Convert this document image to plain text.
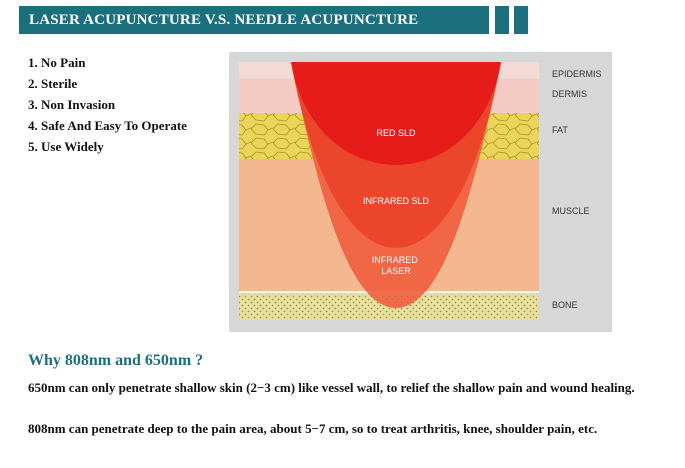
LASER ACUPUNCTURE V.S. NEEDLE ACUPUNCTURE
1. No Pain
2. Sterile
3. Non Invasion
4. Safe And Easy To Operate
5. Use Widely
RED SLD
INFRARED SLD
INFRARED LASER
EPIDERMIS
DERMIS
FAT
MUSCLE
BONE
Why 808nm and 650nm ?
650nm can only penetrate shallow skin (2−3 cm) like vessel wall, to relief the shallow pain and wound healing.
808nm can penetrate deep to the pain area, about 5−7 cm, so to treat arthritis, knee, shoulder pain, etc.
